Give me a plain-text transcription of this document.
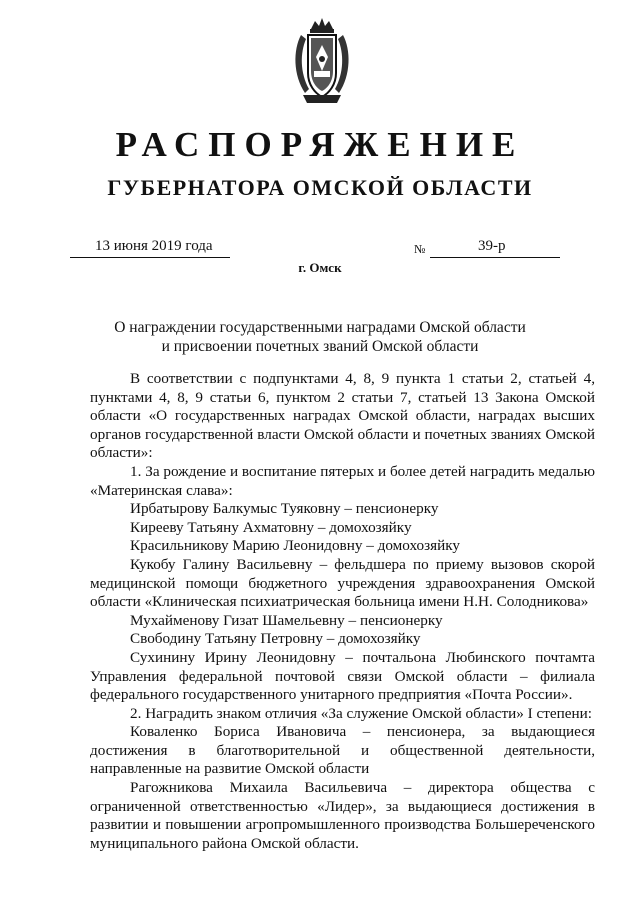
РАСПОРЯЖЕНИЕ
ГУБЕРНАТОРА ОМСКОЙ ОБЛАСТИ
13 июня 2019 года	№	39-р
г. Омск
О награждении государственными наградами Омской области
и присвоении почетных званий Омской области

В соответствии с подпунктами 4, 8, 9 пункта 1 статьи 2, статьей 4, пунктами 4, 8, 9 статьи 6, пунктом 2 статьи 7, статьей 13 Закона Омской области «О государственных наградах Омской области, наградах высших органов государственной власти Омской области и почетных званиях Омской области»:

1. За рождение и воспитание пятерых и более детей наградить медалью «Материнская слава»:

Ирбатырову Балкумыс Туяковну – пенсионерку

Кирееву Татьяну Ахматовну – домохозяйку

Красильникову Марию Леонидовну – домохозяйку

Кукобу Галину Васильевну – фельдшера по приему вызовов скорой медицинской помощи бюджетного учреждения здравоохранения Омской области «Клиническая психиатрическая больница имени Н.Н. Солодникова»

Мухайменову Гизат Шамельевну – пенсионерку

Свободину Татьяну Петровну – домохозяйку

Сухинину Ирину Леонидовну – почтальона Любинского почтамта Управления федеральной почтовой связи Омской области – филиала федерального государственного унитарного предприятия «Почта России».

2. Наградить знаком отличия «За служение Омской области» I степени:

Коваленко Бориса Ивановича – пенсионера, за выдающиеся достижения в благотворительной и общественной деятельности, направленные на развитие Омской области

Рагожникова Михаила Васильевича – директора общества с ограниченной ответственностью «Лидер», за выдающиеся достижения в развитии и повышении агропромышленного производства Большереченского муниципального района Омской области.
